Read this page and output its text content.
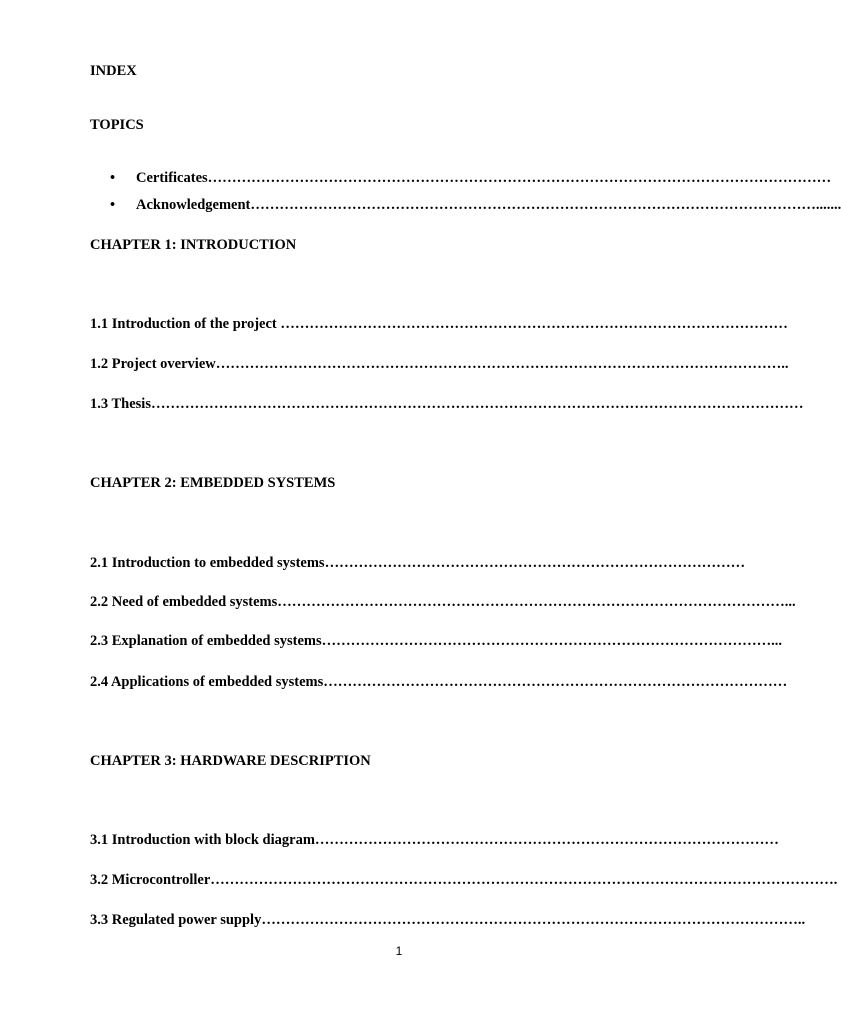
INDEX
TOPICS
• Certificates…………………………………………………………………………………………………………………
• Acknowledgement……………………………………………………………………………………………………….......
CHAPTER 1: INTRODUCTION
1.1 Introduction of the project ……………………………………………………………………………………………
1.2 Project overview………………………………………………………………………………………………………..
1.3 Thesis………………………………………………………………………………………………………………………
CHAPTER 2: EMBEDDED SYSTEMS
2.1 Introduction to embedded systems……………………………………………………………………………
2.2 Need of embedded systems……………………………………………………………………………………………...
2.3 Explanation of embedded systems…………………………………………………………………………………...
2.4 Applications of embedded systems……………………………………………………………………………………
CHAPTER 3: HARDWARE DESCRIPTION
3.1 Introduction with block diagram……………………………………………………………………………………
3.2 Microcontroller………………………………………………………………………………………………………………….
3.3 Regulated power supply…………………………………………………………………………………………………..
1
